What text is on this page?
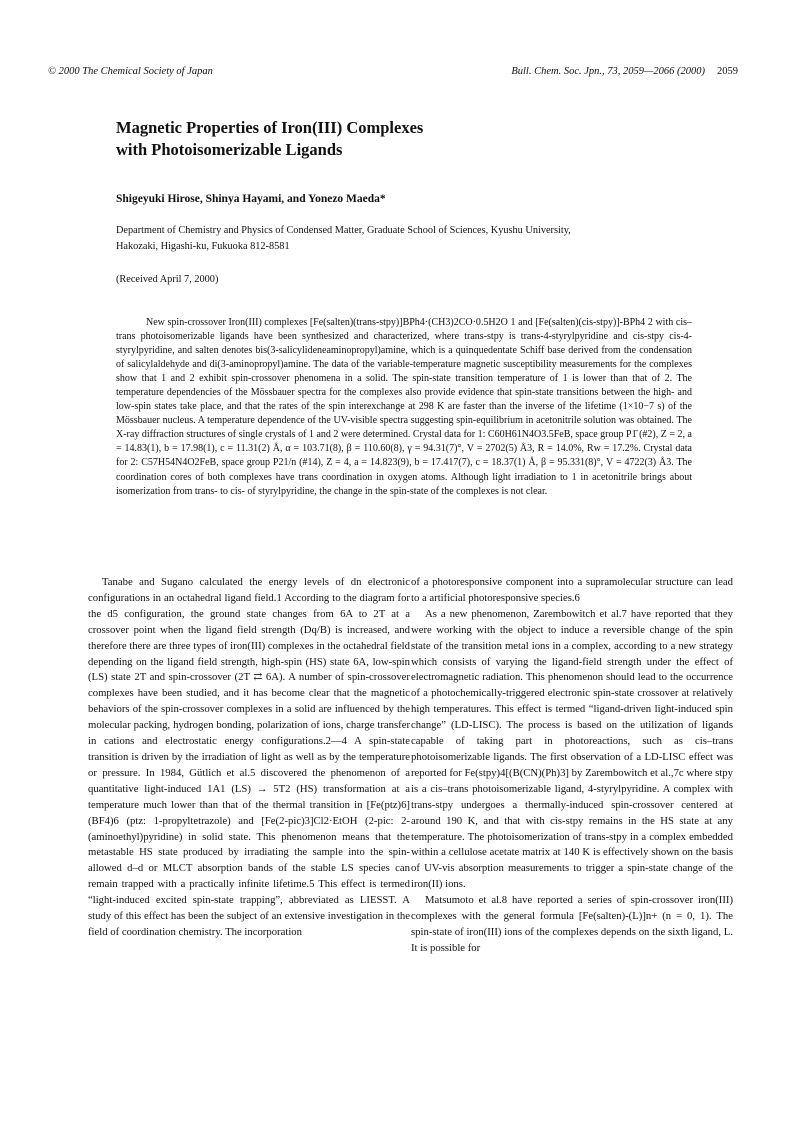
© 2000 The Chemical Society of Japan	Bull. Chem. Soc. Jpn., 73, 2059—2066 (2000) 2059
Magnetic Properties of Iron(III) Complexes
with Photoisomerizable Ligands
Shigeyuki Hirose, Shinya Hayami, and Yonezo Maeda*
Department of Chemistry and Physics of Condensed Matter, Graduate School of Sciences, Kyushu University,
Hakozaki, Higashi-ku, Fukuoka 812-8581
(Received April 7, 2000)

New spin-crossover Iron(III) complexes [Fe(salten)(trans-stpy)]BPh4·(CH3)2CO·0.5H2O 1 and [Fe(salten)(cis-stpy)]-BPh4 2 with cis–trans photoisomerizable ligands have been synthesized and characterized, where trans-stpy is trans-4-styrylpyridine and cis-stpy cis-4-styrylpyridine, and salten denotes bis(3-salicylideneaminopropyl)amine, which is a quinquedentate Schiff base derived from the condensation of salicylaldehyde and di(3-aminopropyl)amine. The data of the variable-temperature magnetic susceptibility measurements for the complexes show that 1 and 2 exhibit spin-crossover phenomena in a solid. The spin-state transition temperature of 1 is lower than that of 2. The temperature dependencies of the Mössbauer spectra for the complexes also provide evidence that spin-state transitions between the high- and low-spin states take place, and that the rates of the spin interexchange at 298 K are faster than the inverse of the lifetime (1×10−7 s) of the Mössbauer nucleus. A temperature dependence of the UV-visible spectra suggesting spin-equilibrium in acetonitrile solution was obtained. The X-ray diffraction structures of single crystals of 1 and 2 were determined. Crystal data for 1: C60H61N4O3.5FeB, space group P1̄ (#2), Z = 2, a = 14.83(1), b = 17.98(1), c = 11.31(2) Å, α = 103.71(8), β = 110.60(8), γ = 94.31(7)°, V = 2702(5) Å3, R = 14.0%, Rw = 17.2%. Crystal data for 2: C57H54N4O2FeB, space group P21/n (#14), Z = 4, a = 14.823(9), b = 17.417(7), c = 18.37(1) Å, β = 95.331(8)°, V = 4722(3) Å3. The coordination cores of both complexes have trans coordination in oxygen atoms. Although light irradiation to 1 in acetonitrile brings about isomerization from trans- to cis- of styrylpyridine, the change in the spin-state of the complexes is not clear.

Tanabe and Sugano calculated the energy levels of dn electronic configurations in an octahedral ligand field.1 According to the diagram for the d5 configuration, the ground state changes from 6A to 2T at a crossover point when the ligand field strength (Dq/B) is increased, and therefore there are three types of iron(III) complexes in the octahedral field depending on the ligand field strength, high-spin (HS) state 6A, low-spin (LS) state 2T and spin-crossover (2T ⇄ 6A). A number of spin-crossover complexes have been studied, and it has become clear that the magnetic behaviors of the spin-crossover complexes in a solid are influenced by the molecular packing, hydrogen bonding, polarization of ions, charge transfer in cations and electrostatic energy configurations.2—4 A spin-state transition is driven by the irradiation of light as well as by the temperature or pressure. In 1984, Gütlich et al.5 discovered the phenomenon of a quantitative light-induced 1A1 (LS) → 5T2 (HS) transformation at a temperature much lower than that of the thermal transition in [Fe(ptz)6](BF4)6 (ptz: 1-propyltetrazole) and [Fe(2-pic)3]Cl2·EtOH (2-pic: 2-(aminoethyl)pyridine) in solid state. This phenomenon means that the metastable HS state produced by irradiating the sample into the spin-allowed d–d or MLCT absorption bands of the stable LS species can remain trapped with a practically infinite lifetime.5 This effect is termed “light-induced excited spin-state trapping”, abbreviated as LIESST. A study of this effect has been the subject of an extensive investigation in the field of coordination chemistry. The incorporation

of a photoresponsive component into a supramolecular structure can lead to a artificial photoresponsive species.6

As a new phenomenon, Zarembowitch et al.7 have reported that they were working with the object to induce a reversible change of the spin state of the transition metal ions in a complex, according to a new strategy which consists of varying the ligand-field strength under the effect of electromagnetic radiation. This phenomenon should lead to the occurrence of a photochemically-triggered electronic spin-state crossover at relatively high temperatures. This effect is termed “ligand-driven light-induced spin change” (LD-LISC). The process is based on the utilization of ligands capable of taking part in photoreactions, such as cis–trans photoisomerizable ligands. The first observation of a LD-LISC effect was reported for Fe(stpy)4[(B(CN)(Ph)3] by Zarembowitch et al.,7c where stpy is a cis–trans photoisomerizable ligand, 4-styrylpyridine. A complex with trans-stpy undergoes a thermally-induced spin-crossover centered at around 190 K, and that with cis-stpy remains in the HS state at any temperature. The photoisomerization of trans-stpy in a complex embedded within a cellulose acetate matrix at 140 K is effectively shown on the basis of UV-vis absorption measurements to trigger a spin-state change of the iron(II) ions.

Matsumoto et al.8 have reported a series of spin-crossover iron(III) complexes with the general formula [Fe(salten)-(L)]n+ (n = 0, 1). The spin-state of iron(III) ions of the complexes depends on the sixth ligand, L. It is possible for
